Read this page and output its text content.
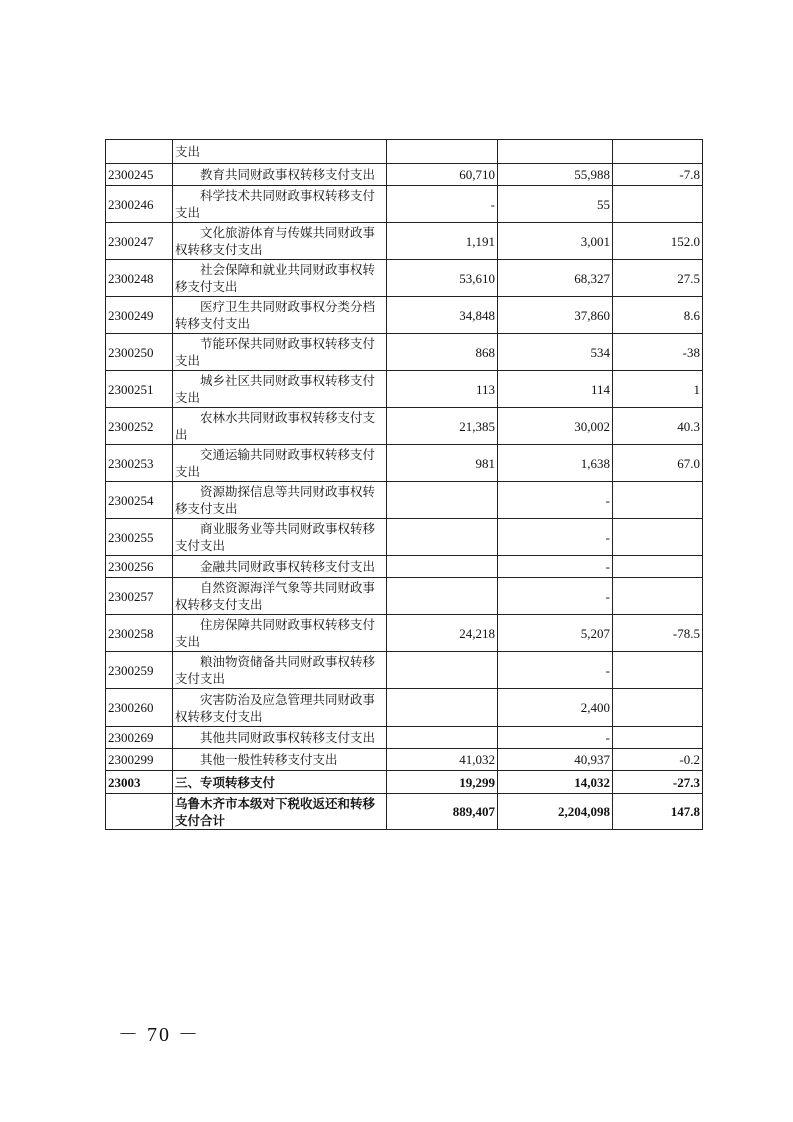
	支出			
2300245	教育共同财政事权转移支付支出	60,710	55,988	-7.8
2300246	科学技术共同财政事权转移支付支出	-	55	
2300247	文化旅游体育与传媒共同财政事权转移支付支出	1,191	3,001	152.0
2300248	社会保障和就业共同财政事权转移支付支出	53,610	68,327	27.5
2300249	医疗卫生共同财政事权分类分档转移支付支出	34,848	37,860	8.6
2300250	节能环保共同财政事权转移支付支出	868	534	-38
2300251	城乡社区共同财政事权转移支付支出	113	114	1
2300252	农林水共同财政事权转移支付支出	21,385	30,002	40.3
2300253	交通运输共同财政事权转移支付支出	981	1,638	67.0
2300254	资源勘探信息等共同财政事权转移支付支出		-	
2300255	商业服务业等共同财政事权转移支付支出		-	
2300256	金融共同财政事权转移支付支出		-	
2300257	自然资源海洋气象等共同财政事权转移支付支出		-	
2300258	住房保障共同财政事权转移支付支出	24,218	5,207	-78.5
2300259	粮油物资储备共同财政事权转移支付支出		-	
2300260	灾害防治及应急管理共同财政事权转移支付支出		2,400	
2300269	其他共同财政事权转移支付支出		-	
2300299	其他一般性转移支付支出	41,032	40,937	-0.2
23003	三、专项转移支付	19,299	14,032	-27.3
	乌鲁木齐市本级对下税收返还和转移支付合计	889,407	2,204,098	147.8
－ 70 －
